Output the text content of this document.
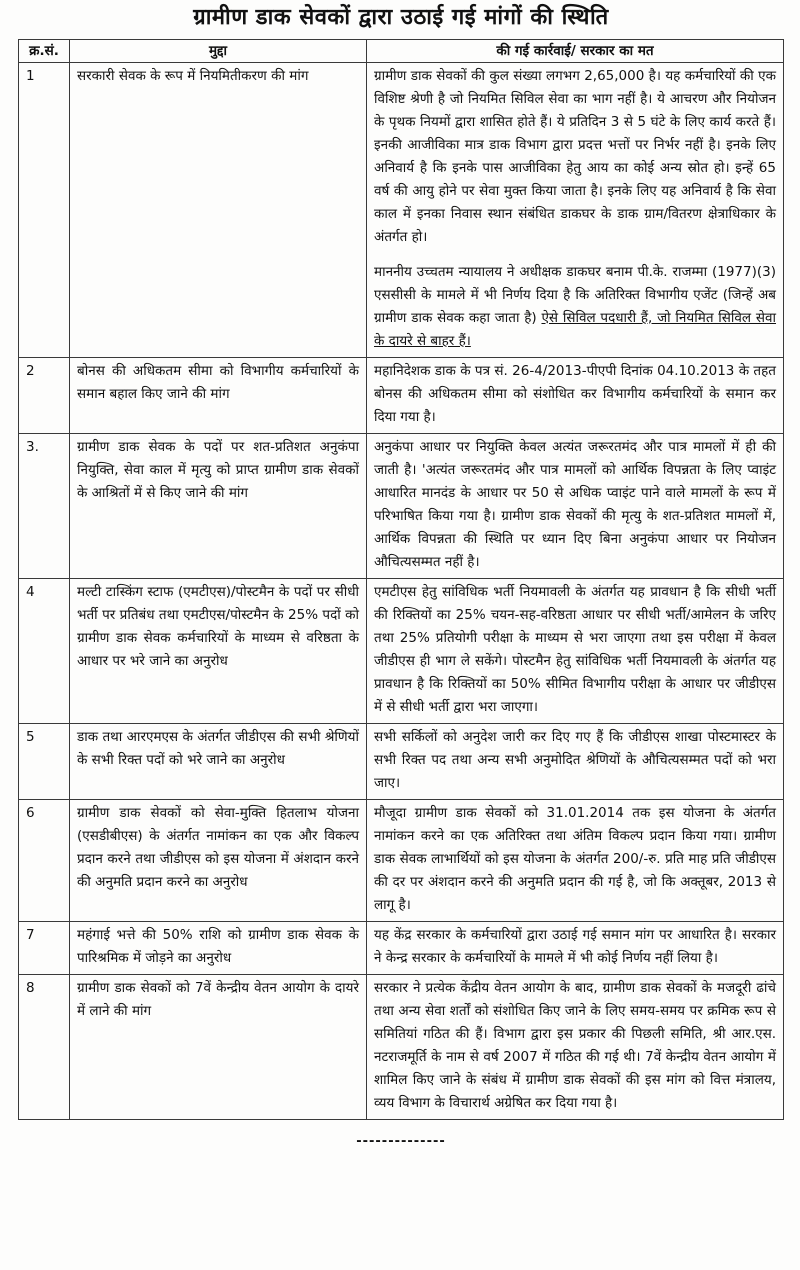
ग्रामीण डाक सेवकों द्वारा उठाई गई मांगों की स्थिति
क्र.सं.	मुद्दा	की गई कार्रवाई/ सरकार का मत
1	सरकारी सेवक के रूप में नियमितीकरण की मांग	ग्रामीण डाक सेवकों की कुल संख्या लगभग 2,65,000 है। यह कर्मचारियों की एक विशिष्ट श्रेणी है जो नियमित सिविल सेवा का भाग नहीं है। ये आचरण और नियोजन के पृथक नियमों द्वारा शासित होते हैं। ये प्रतिदिन 3 से 5 घंटे के लिए कार्य करते हैं। इनकी आजीविका मात्र डाक विभाग द्वारा प्रदत्त भत्तों पर निर्भर नहीं है। इनके लिए अनिवार्य है कि इनके पास आजीविका हेतु आय का कोई अन्य स्रोत हो। इन्हें 65 वर्ष की आयु होने पर सेवा मुक्त किया जाता है। इनके लिए यह अनिवार्य है कि सेवा काल में इनका निवास स्थान संबंधित डाकघर के डाक ग्राम/वितरण क्षेत्राधिकार के अंतर्गत हो।

माननीय उच्चतम न्यायालय ने अधीक्षक डाकघर बनाम पी.के. राजम्मा (1977)(3) एससीसी के मामले में भी निर्णय दिया है कि अतिरिक्त विभागीय एजेंट (जिन्हें अब ग्रामीण डाक सेवक कहा जाता है) ऐसे सिविल पदधारी हैं, जो नियमित सिविल सेवा के दायरे से बाहर हैं।

2	बोनस की अधिकतम सीमा को विभागीय कर्मचारियों के समान बहाल किए जाने की मांग	महानिदेशक डाक के पत्र सं. 26-4/2013-पीएपी दिनांक 04.10.2013 के तहत बोनस की अधिकतम सीमा को संशोधित कर विभागीय कर्मचारियों के समान कर दिया गया है।

3.	ग्रामीण डाक सेवक के पदों पर शत-प्रतिशत अनुकंपा नियुक्ति, सेवा काल में मृत्यु को प्राप्त ग्रामीण डाक सेवकों के आश्रितों में से किए जाने की मांग	अनुकंपा आधार पर नियुक्ति केवल अत्यंत जरूरतमंद और पात्र मामलों में ही की जाती है। 'अत्यंत जरूरतमंद और पात्र मामलों को आर्थिक विपन्नता के लिए प्वाइंट आधारित मानदंड के आधार पर 50 से अधिक प्वाइंट पाने वाले मामलों के रूप में परिभाषित किया गया है। ग्रामीण डाक सेवकों की मृत्यु के शत-प्रतिशत मामलों में, आर्थिक विपन्नता की स्थिति पर ध्यान दिए बिना अनुकंपा आधार पर नियोजन औचित्यसम्मत नहीं है।

4	मल्टी टास्किंग स्टाफ (एमटीएस)/पोस्टमैन के पदों पर सीधी भर्ती पर प्रतिबंध तथा एमटीएस/पोस्टमैन के 25% पदों को ग्रामीण डाक सेवक कर्मचारियों के माध्यम से वरिष्ठता के आधार पर भरे जाने का अनुरोध	एमटीएस हेतु सांविधिक भर्ती नियमावली के अंतर्गत यह प्रावधान है कि सीधी भर्ती की रिक्तियों का 25% चयन-सह-वरिष्ठता आधार पर सीधी भर्ती/आमेलन के जरिए तथा 25% प्रतियोगी परीक्षा के माध्यम से भरा जाएगा तथा इस परीक्षा में केवल जीडीएस ही भाग ले सकेंगे। पोस्टमैन हेतु सांविधिक भर्ती नियमावली के अंतर्गत यह प्रावधान है कि रिक्तियों का 50% सीमित विभागीय परीक्षा के आधार पर जीडीएस में से सीधी भर्ती द्वारा भरा जाएगा।

5	डाक तथा आरएमएस के अंतर्गत जीडीएस की सभी श्रेणियों के सभी रिक्त पदों को भरे जाने का अनुरोध	सभी सर्किलों को अनुदेश जारी कर दिए गए हैं कि जीडीएस शाखा पोस्टमास्टर के सभी रिक्त पद तथा अन्य सभी अनुमोदित श्रेणियों के औचित्यसम्मत पदों को भरा जाए।

6	ग्रामीण डाक सेवकों को सेवा-मुक्ति हितलाभ योजना (एसडीबीएस) के अंतर्गत नामांकन का एक और विकल्प प्रदान करने तथा जीडीएस को इस योजना में अंशदान करने की अनुमति प्रदान करने का अनुरोध	मौजूदा ग्रामीण डाक सेवकों को 31.01.2014 तक इस योजना के अंतर्गत नामांकन करने का एक अतिरिक्त तथा अंतिम विकल्प प्रदान किया गया। ग्रामीण डाक सेवक लाभार्थियों को इस योजना के अंतर्गत 200/-रु. प्रति माह प्रति जीडीएस की दर पर अंशदान करने की अनुमति प्रदान की गई है, जो कि अक्तूबर, 2013 से लागू है।

7	महंगाई भत्ते की 50% राशि को ग्रामीण डाक सेवक के पारिश्रमिक में जोड़ने का अनुरोध	यह केंद्र सरकार के कर्मचारियों द्वारा उठाई गई समान मांग पर आधारित है। सरकार ने केन्द्र सरकार के कर्मचारियों के मामले में भी कोई निर्णय नहीं लिया है।

8	ग्रामीण डाक सेवकों को 7वें केन्द्रीय वेतन आयोग के दायरे में लाने की मांग	सरकार ने प्रत्येक केंद्रीय वेतन आयोग के बाद, ग्रामीण डाक सेवकों के मजदूरी ढांचे तथा अन्य सेवा शर्तों को संशोधित किए जाने के लिए समय-समय पर क्रमिक रूप से समितियां गठित की हैं। विभाग द्वारा इस प्रकार की पिछली समिति, श्री आर.एस. नटराजमूर्ति के नाम से वर्ष 2007 में गठित की गई थी। 7वें केन्द्रीय वेतन आयोग में शामिल किए जाने के संबंध में ग्रामीण डाक सेवकों की इस मांग को वित्त मंत्रालय, व्यय विभाग के विचारार्थ अग्रेषित कर दिया गया है।

--------------
